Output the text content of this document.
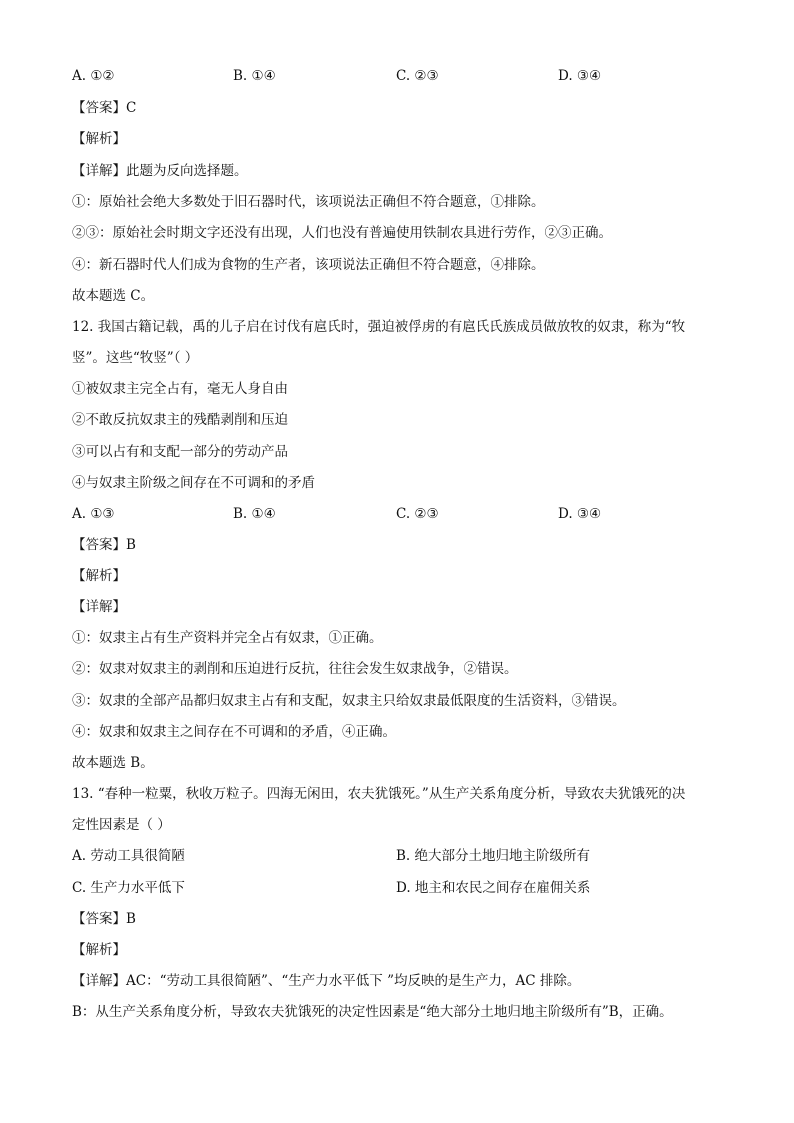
A. ①②	B. ①④	C. ②③	D. ③④
【答案】C
【解析】
【详解】此题为反向选择题。
①：原始社会绝大多数处于旧石器时代，该项说法正确但不符合题意，①排除。
②③：原始社会时期文字还没有出现，人们也没有普遍使用铁制农具进行劳作，②③正确。
④：新石器时代人们成为食物的生产者，该项说法正确但不符合题意，④排除。
故本题选 C。
12. 我国古籍记载，禹的儿子启在讨伐有扈氏时，强迫被俘虏的有扈氏氏族成员做放牧的奴隶，称为“牧
竖”。这些“牧竖”（ ）
①被奴隶主完全占有，毫无人身自由
②不敢反抗奴隶主的残酷剥削和压迫
③可以占有和支配一部分的劳动产品
④与奴隶主阶级之间存在不可调和的矛盾
A. ①③	B. ①④	C. ②③	D. ③④
【答案】B
【解析】
【详解】
①：奴隶主占有生产资料并完全占有奴隶，①正确。
②：奴隶对奴隶主的剥削和压迫进行反抗，往往会发生奴隶战争，②错误。
③：奴隶的全部产品都归奴隶主占有和支配，奴隶主只给奴隶最低限度的生活资料，③错误。
④：奴隶和奴隶主之间存在不可调和的矛盾，④正确。
故本题选 B。
13. “春种一粒粟，秋收万粒子。四海无闲田，农夫犹饿死。”从生产关系角度分析，导致农夫犹饿死的决
定性因素是（ ）
A. 劳动工具很简陋	B. 绝大部分土地归地主阶级所有
C. 生产力水平低下	D. 地主和农民之间存在雇佣关系
【答案】B
【解析】
【详解】AC：“劳动工具很简陋”、“生产力水平低下 ”均反映的是生产力，AC 排除。
B：从生产关系角度分析，导致农夫犹饿死的决定性因素是“绝大部分土地归地主阶级所有”B，正确。
